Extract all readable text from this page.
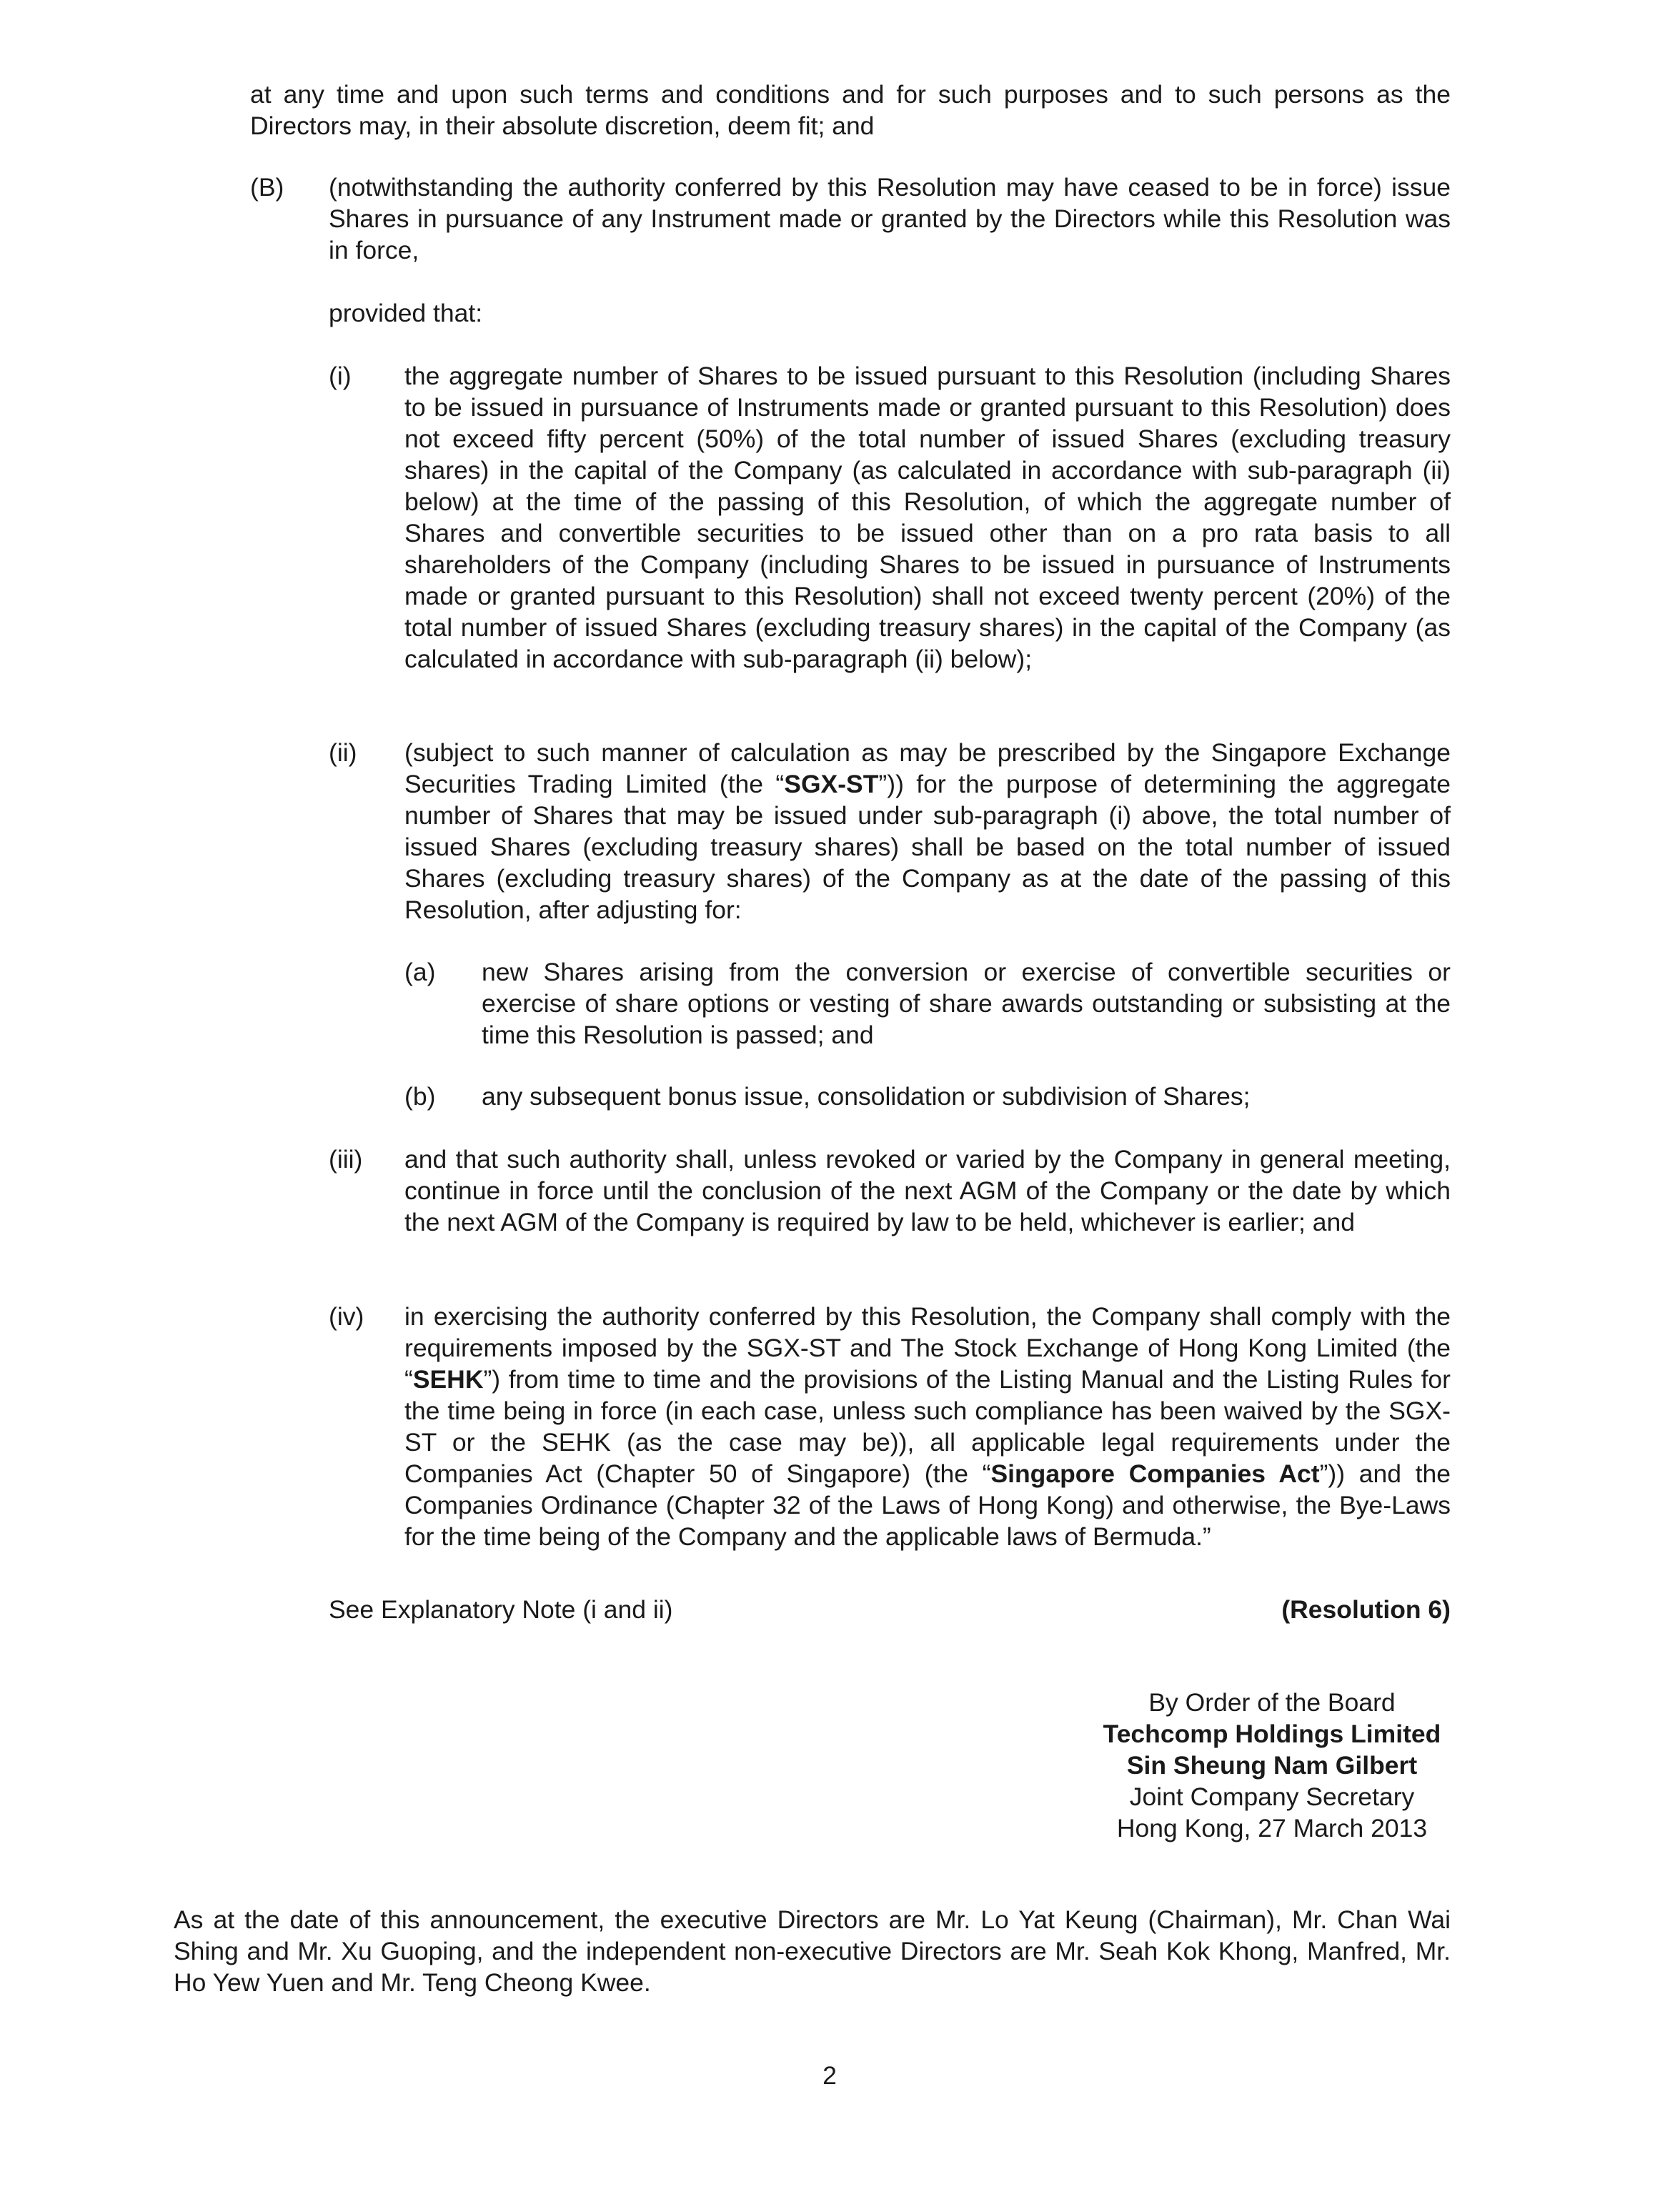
at any time and upon such terms and conditions and for such purposes and to such persons as the Directors may, in their absolute discretion, deem fit; and
(B) (notwithstanding the authority conferred by this Resolution may have ceased to be in force) issue Shares in pursuance of any Instrument made or granted by the Directors while this Resolution was in force,
provided that:
(i) the aggregate number of Shares to be issued pursuant to this Resolution (including Shares to be issued in pursuance of Instruments made or granted pursuant to this Resolution) does not exceed fifty percent (50%) of the total number of issued Shares (excluding treasury shares) in the capital of the Company (as calculated in accordance with sub-paragraph (ii) below) at the time of the passing of this Resolution, of which the aggregate number of Shares and convertible securities to be issued other than on a pro rata basis to all shareholders of the Company (including Shares to be issued in pursuance of Instruments made or granted pursuant to this Resolution) shall not exceed twenty percent (20%) of the total number of issued Shares (excluding treasury shares) in the capital of the Company (as calculated in accordance with sub-paragraph (ii) below);
(ii) (subject to such manner of calculation as may be prescribed by the Singapore Exchange Securities Trading Limited (the “SGX-ST”)) for the purpose of determining the aggregate number of Shares that may be issued under sub-paragraph (i) above, the total number of issued Shares (excluding treasury shares) shall be based on the total number of issued Shares (excluding treasury shares) of the Company as at the date of the passing of this Resolution, after adjusting for:
(a) new Shares arising from the conversion or exercise of convertible securities or exercise of share options or vesting of share awards outstanding or subsisting at the time this Resolution is passed; and
(b) any subsequent bonus issue, consolidation or subdivision of Shares;
(iii) and that such authority shall, unless revoked or varied by the Company in general meeting, continue in force until the conclusion of the next AGM of the Company or the date by which the next AGM of the Company is required by law to be held, whichever is earlier; and
(iv) in exercising the authority conferred by this Resolution, the Company shall comply with the requirements imposed by the SGX-ST and The Stock Exchange of Hong Kong Limited (the “SEHK”) from time to time and the provisions of the Listing Manual and the Listing Rules for the time being in force (in each case, unless such compliance has been waived by the SGX-ST or the SEHK (as the case may be)), all applicable legal requirements under the Companies Act (Chapter 50 of Singapore) (the “Singapore Companies Act”)) and the Companies Ordinance (Chapter 32 of the Laws of Hong Kong) and otherwise, the Bye-Laws for the time being of the Company and the applicable laws of Bermuda.”
See Explanatory Note (i and ii)	(Resolution 6)
By Order of the Board
Techcomp Holdings Limited
Sin Sheung Nam Gilbert
Joint Company Secretary
Hong Kong, 27 March 2013
As at the date of this announcement, the executive Directors are Mr. Lo Yat Keung (Chairman), Mr. Chan Wai Shing and Mr. Xu Guoping, and the independent non-executive Directors are Mr. Seah Kok Khong, Manfred, Mr. Ho Yew Yuen and Mr. Teng Cheong Kwee.
2
